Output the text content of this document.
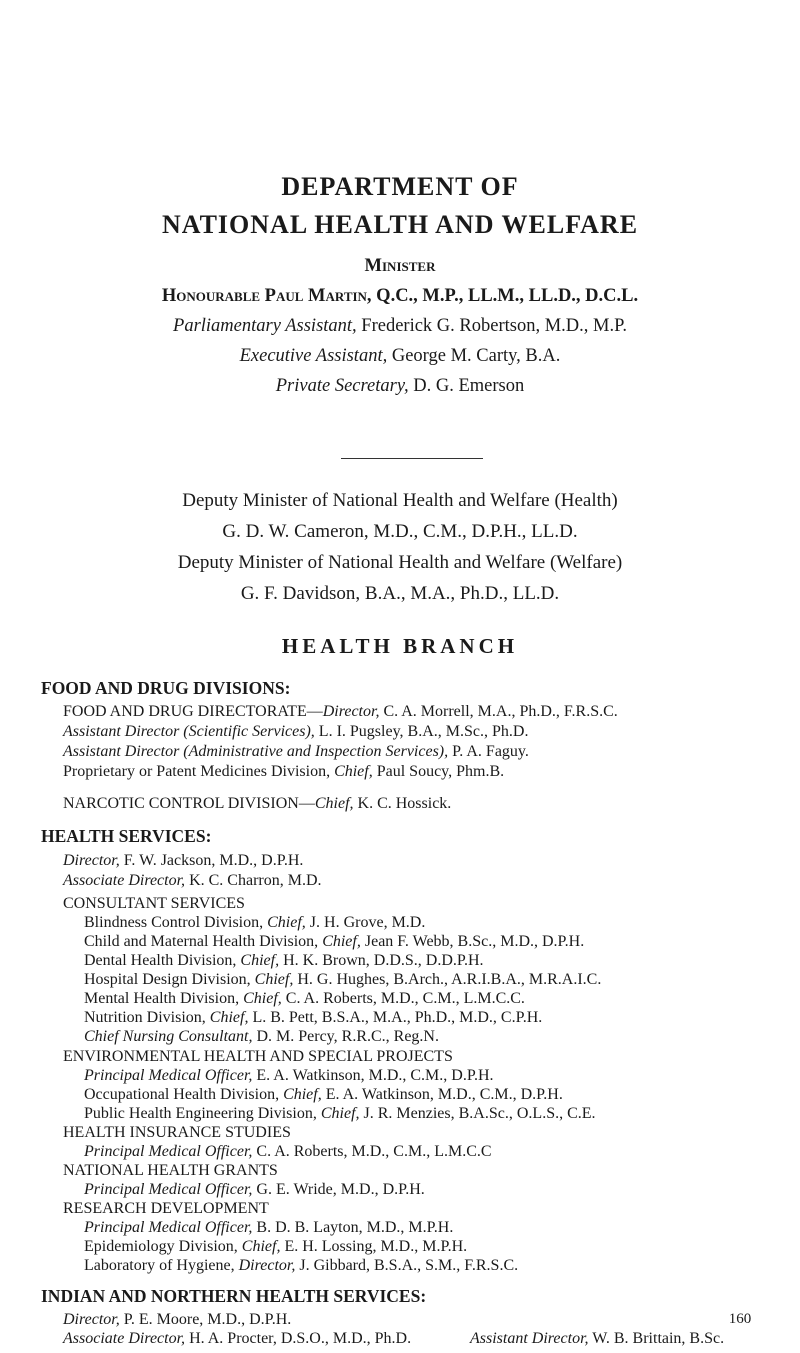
DEPARTMENT OF
NATIONAL HEALTH AND WELFARE
Minister
Honourable Paul Martin, Q.C., M.P., LL.M., LL.D., D.C.L.
Parliamentary Assistant, Frederick G. Robertson, M.D., M.P.
Executive Assistant, George M. Carty, B.A.
Private Secretary, D. G. Emerson
Deputy Minister of National Health and Welfare (Health)
G. D. W. Cameron, M.D., C.M., D.P.H., LL.D.
Deputy Minister of National Health and Welfare (Welfare)
G. F. Davidson, B.A., M.A., Ph.D., LL.D.
HEALTH BRANCH
FOOD AND DRUG DIVISIONS:
FOOD AND DRUG DIRECTORATE—Director, C. A. Morrell, M.A., Ph.D., F.R.S.C.
Assistant Director (Scientific Services), L. I. Pugsley, B.A., M.Sc., Ph.D.
Assistant Director (Administrative and Inspection Services), P. A. Faguy.
Proprietary or Patent Medicines Division, Chief, Paul Soucy, Phm.B.
NARCOTIC CONTROL DIVISION—Chief, K. C. Hossick.
HEALTH SERVICES:
Director, F. W. Jackson, M.D., D.P.H.
Associate Director, K. C. Charron, M.D.
CONSULTANT SERVICES
Blindness Control Division, Chief, J. H. Grove, M.D.
Child and Maternal Health Division, Chief, Jean F. Webb, B.Sc., M.D., D.P.H.
Dental Health Division, Chief, H. K. Brown, D.D.S., D.D.P.H.
Hospital Design Division, Chief, H. G. Hughes, B.Arch., A.R.I.B.A., M.R.A.I.C.
Mental Health Division, Chief, C. A. Roberts, M.D., C.M., L.M.C.C.
Nutrition Division, Chief, L. B. Pett, B.S.A., M.A., Ph.D., M.D., C.P.H.
Chief Nursing Consultant, D. M. Percy, R.R.C., Reg.N.
ENVIRONMENTAL HEALTH AND SPECIAL PROJECTS
Principal Medical Officer, E. A. Watkinson, M.D., C.M., D.P.H.
Occupational Health Division, Chief, E. A. Watkinson, M.D., C.M., D.P.H.
Public Health Engineering Division, Chief, J. R. Menzies, B.A.Sc., O.L.S., C.E.
HEALTH INSURANCE STUDIES
Principal Medical Officer, C. A. Roberts, M.D., C.M., L.M.C.C
NATIONAL HEALTH GRANTS
Principal Medical Officer, G. E. Wride, M.D., D.P.H.
RESEARCH DEVELOPMENT
Principal Medical Officer, B. D. B. Layton, M.D., M.P.H.
Epidemiology Division, Chief, E. H. Lossing, M.D., M.P.H.
Laboratory of Hygiene, Director, J. Gibbard, B.S.A., S.M., F.R.S.C.
INDIAN AND NORTHERN HEALTH SERVICES:
160
Director, P. E. Moore, M.D., D.P.H.
Associate Director, H. A. Procter, D.S.O., M.D., Ph.D.	Assistant Director, W. B. Brittain, B.Sc.
